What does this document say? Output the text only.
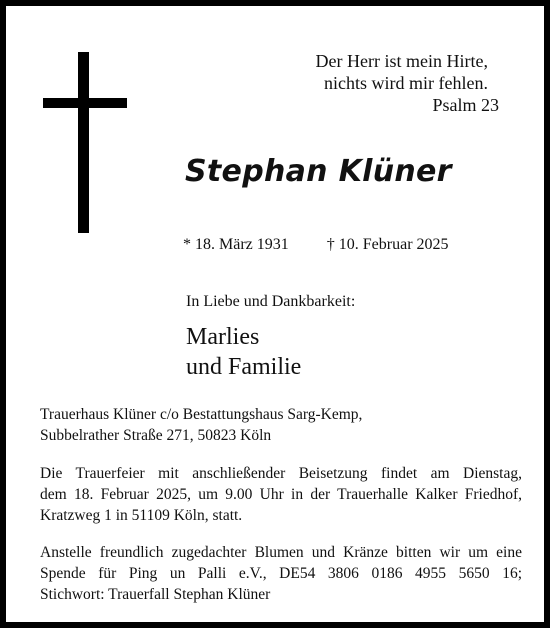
Der Herr ist mein Hirte,
nichts wird mir fehlen.
Psalm 23
Stephan Klüner
* 18. März 1931 † 10. Februar 2025
In Liebe und Dankbarkeit:
Marlies
und Familie
Trauerhaus Klüner c/o Bestattungshaus Sarg-Kemp,
Subbelrather Straße 271, 50823 Köln
Die Trauerfeier mit anschließender Beisetzung findet am Dienstag,
dem 18. Februar 2025, um 9.00 Uhr in der Trauerhalle Kalker Friedhof,
Kratzweg 1 in 51109 Köln, statt.
Anstelle freundlich zugedachter Blumen und Kränze bitten wir um eine
Spende für Ping un Palli e.V., DE54 3806 0186 4955 5650 16;
Stichwort: Trauerfall Stephan Klüner
